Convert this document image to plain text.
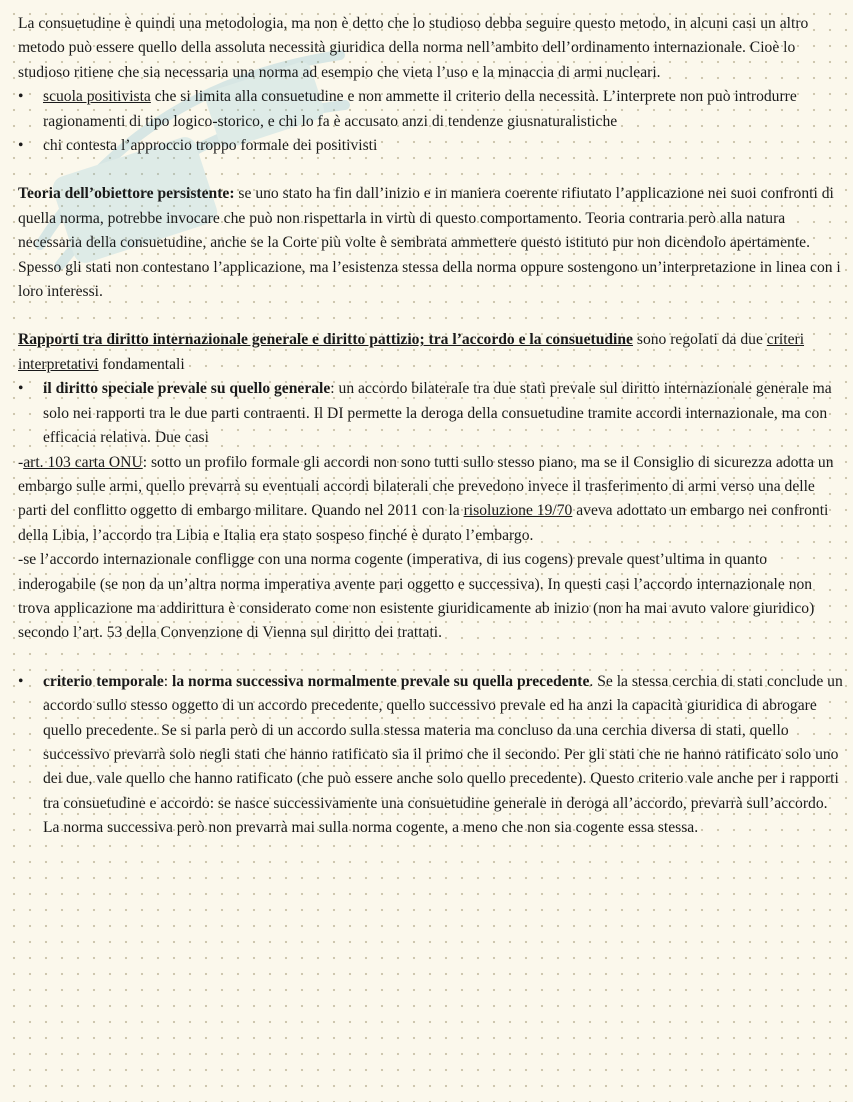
La consuetudine è quindi una metodologia, ma non è detto che lo studioso debba seguire questo metodo, in alcuni casi un altro metodo può essere quello della assoluta necessità giuridica della norma nell’ambito dell’ordinamento internazionale. Cioè lo studioso ritiene che sia necessaria una norma ad esempio che vieta l’uso e la minaccia di armi nucleari.

• scuola positivista che si limita alla consuetudine e non ammette il criterio della necessità. L’interprete non può introdurre ragionamenti di tipo logico-storico, e chi lo fa è accusato anzi di tendenze giusnaturalistiche
• chi contesta l’approccio troppo formale dei positivisti

Teoria dell’obiettore persistente: se uno stato ha fin dall’inizio e in maniera coerente rifiutato l’applicazione nei suoi confronti di quella norma, potrebbe invocare che può non rispettarla in virtù di questo comportamento. Teoria contraria però alla natura necessaria della consuetudine, anche se la Corte più volte è sembrata ammettere questo istituto pur non dicendolo apertamente. Spesso gli stati non contestano l’applicazione, ma l’esistenza stessa della norma oppure sostengono un’interpretazione in linea con i loro interessi.

Rapporti tra diritto internazionale generale e diritto pattizio; tra l’accordo e la consuetudine sono regolati da due criteri interpretativi fondamentali

• il diritto speciale prevale su quello generale: un accordo bilaterale tra due stati prevale sul diritto internazionale generale ma solo nei rapporti tra le due parti contraenti. Il DI permette la deroga della consuetudine tramite accordi internazionale, ma con efficacia relativa. Due casi

-art. 103 carta ONU: sotto un profilo formale gli accordi non sono tutti sullo stesso piano, ma se il Consiglio di sicurezza adotta un embargo sulle armi, quello prevarrà su eventuali accordi bilaterali che prevedono invece il trasferimento di armi verso una delle parti del conflitto oggetto di embargo militare. Quando nel 2011 con la risoluzione 19/70 aveva adottato un embargo nei confronti della Libia, l’accordo tra Libia e Italia era stato sospeso finché è durato l’embargo.

-se l’accordo internazionale confligge con una norma cogente (imperativa, di ius cogens) prevale quest’ultima in quanto inderogabile (se non da un’altra norma imperativa avente pari oggetto e successiva). In questi casi l’accordo internazionale non trova applicazione ma addirittura è considerato come non esistente giuridicamente ab inizio (non ha mai avuto valore giuridico) secondo l’art. 53 della Convenzione di Vienna sul diritto dei trattati.

• criterio temporale: la norma successiva normalmente prevale su quella precedente. Se la stessa cerchia di stati conclude un accordo sullo stesso oggetto di un accordo precedente, quello successivo prevale ed ha anzi la capacità giuridica di abrogare quello precedente. Se si parla però di un accordo sulla stessa materia ma concluso da una cerchia diversa di stati, quello successivo prevarrà solo negli stati che hanno ratificato sia il primo che il secondo. Per gli stati che ne hanno ratificato solo uno dei due, vale quello che hanno ratificato (che può essere anche solo quello precedente). Questo criterio vale anche per i rapporti tra consuetudine e accordo: se nasce successivamente una consuetudine generale in deroga all’accordo, prevarrà sull’accordo. La norma successiva però non prevarrà mai sulla norma cogente, a meno che non sia cogente essa stessa.
